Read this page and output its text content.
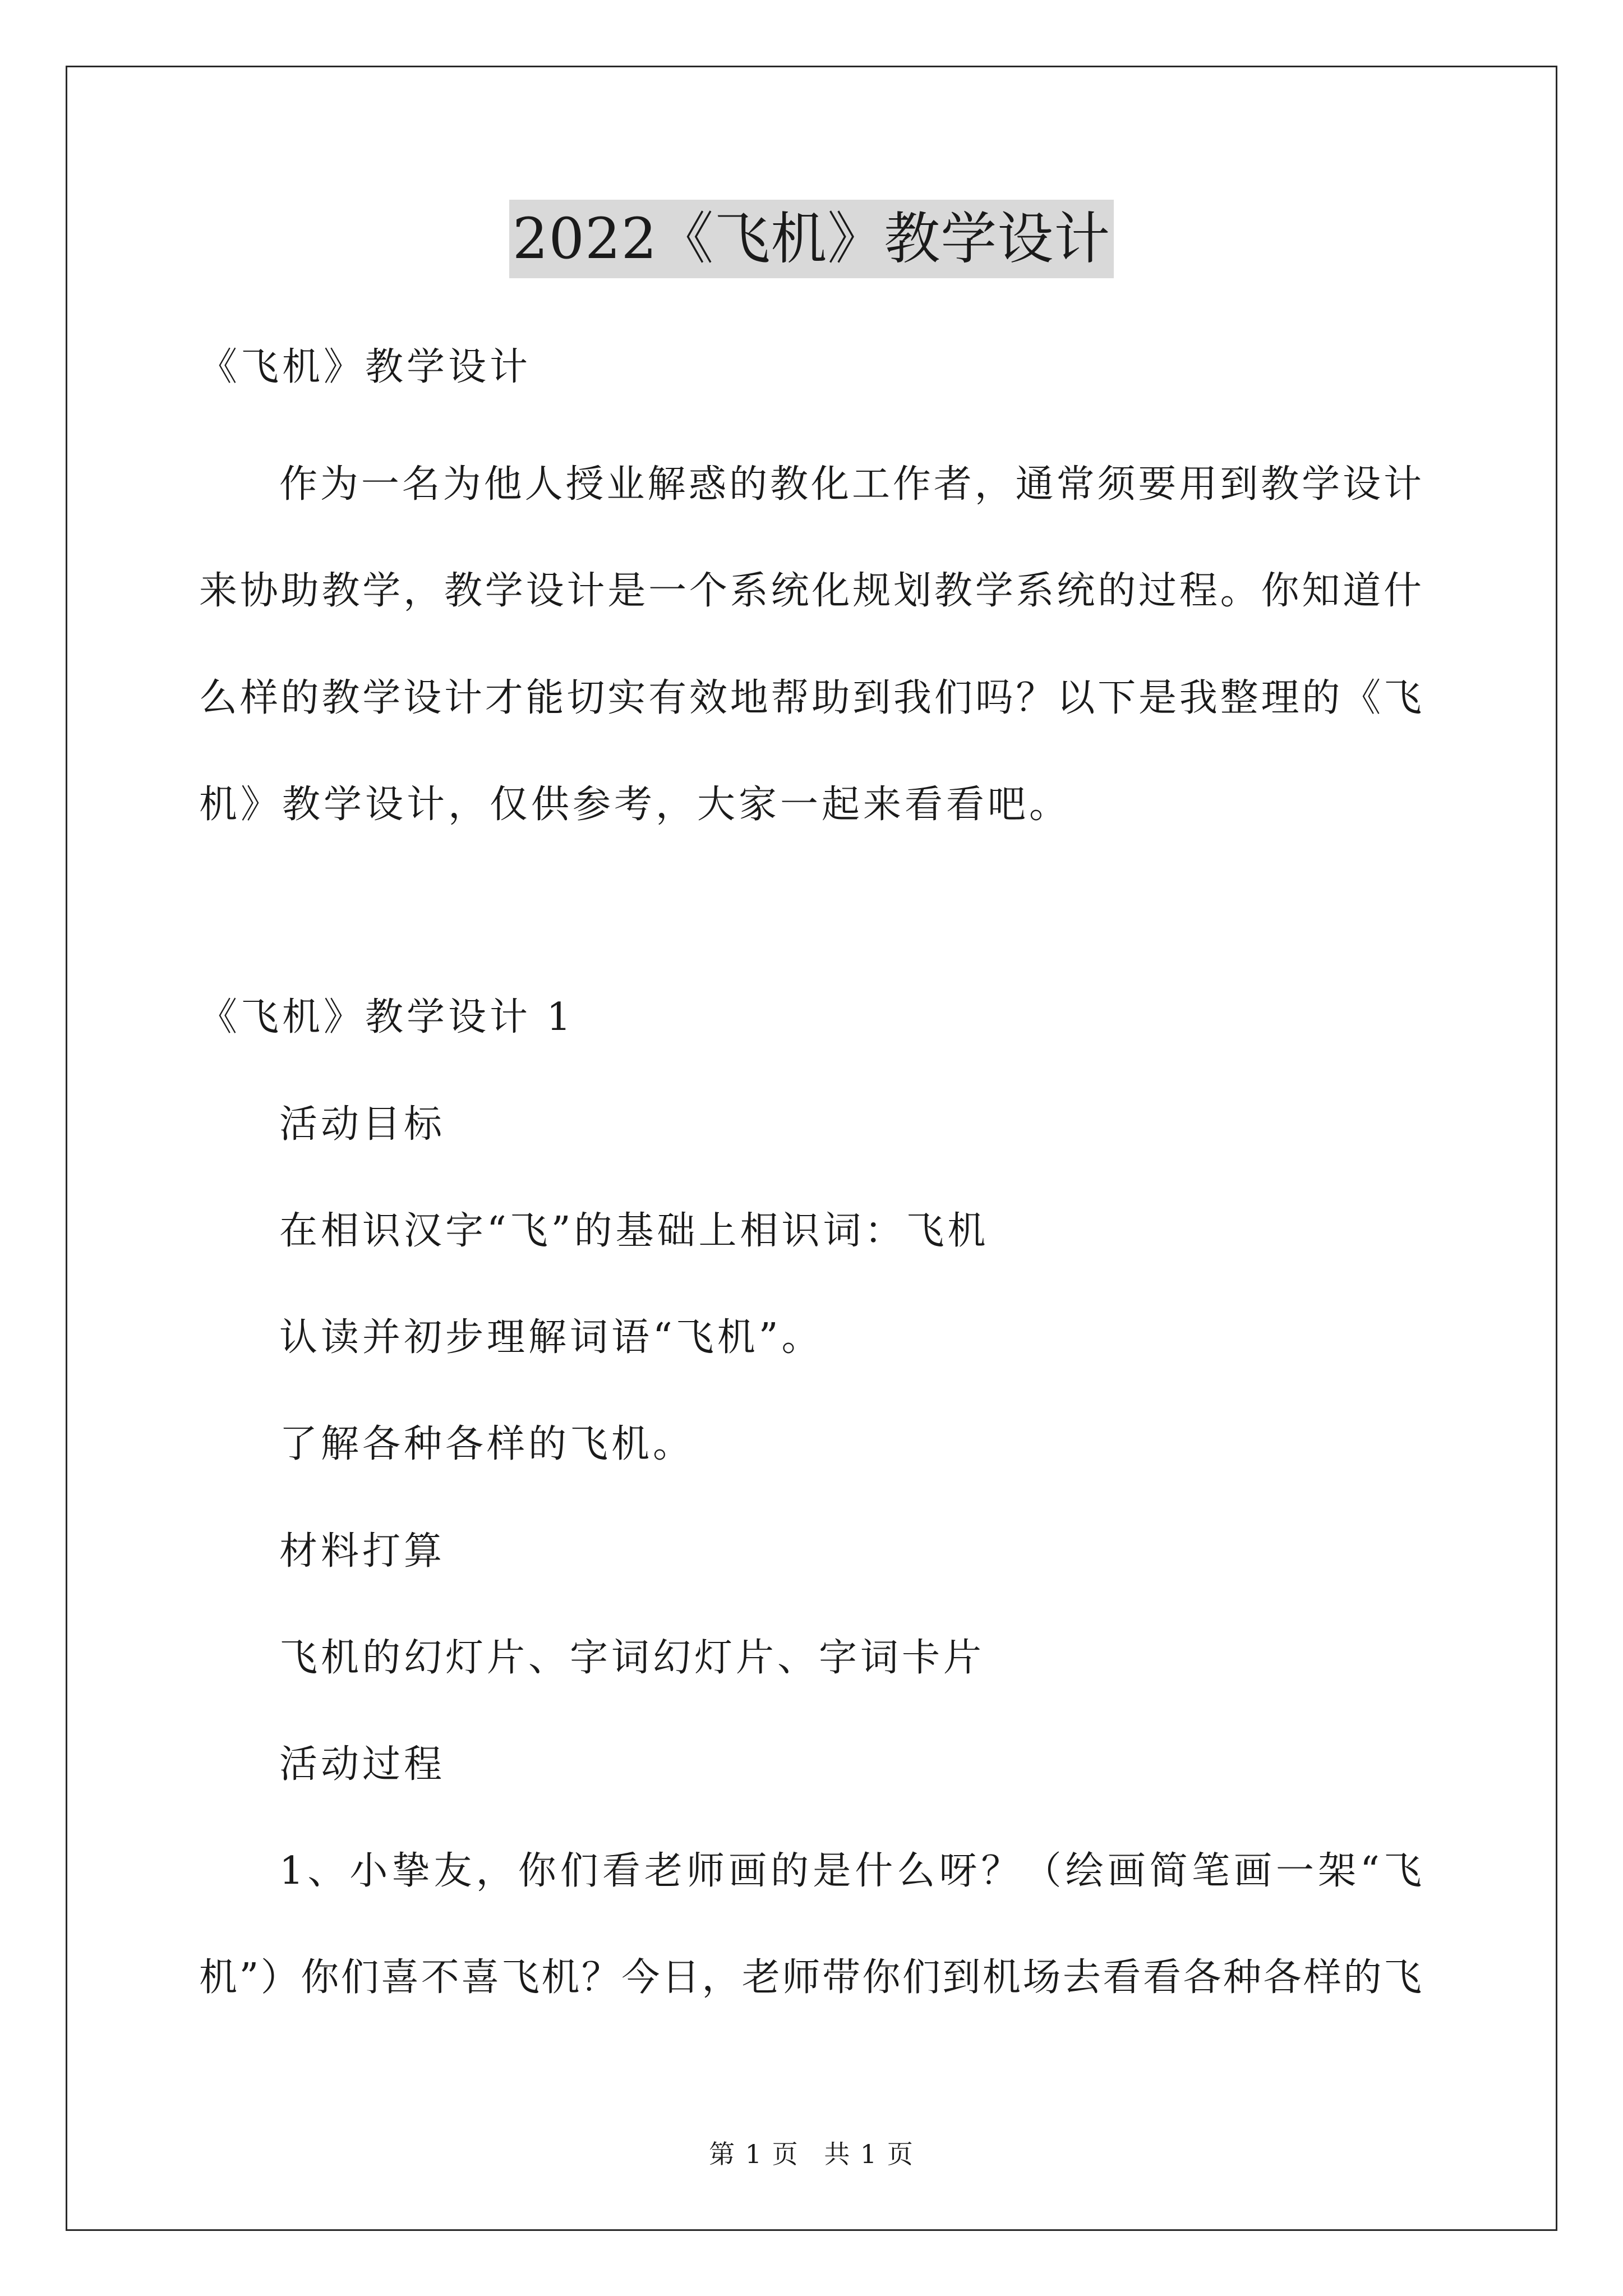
2022《飞机》教学设计
《飞机》教学设计
作为一名为他人授业解惑的教化工作者，通常须要用到教学设计
来协助教学，教学设计是一个系统化规划教学系统的过程。你知道什
么样的教学设计才能切实有效地帮助到我们吗？以下是我整理的《飞
机》教学设计，仅供参考，大家一起来看看吧。
《飞机》教学设计 1
活动目标
在相识汉字“飞”的基础上相识词：飞机
认读并初步理解词语“飞机”。
了解各种各样的飞机。
材料打算
飞机的幻灯片、字词幻灯片、字词卡片
活动过程
1、小挚友，你们看老师画的是什么呀？（绘画简笔画一架“飞
机”）你们喜不喜飞机？今日，老师带你们到机场去看看各种各样的飞
第 1 页 共 1 页
